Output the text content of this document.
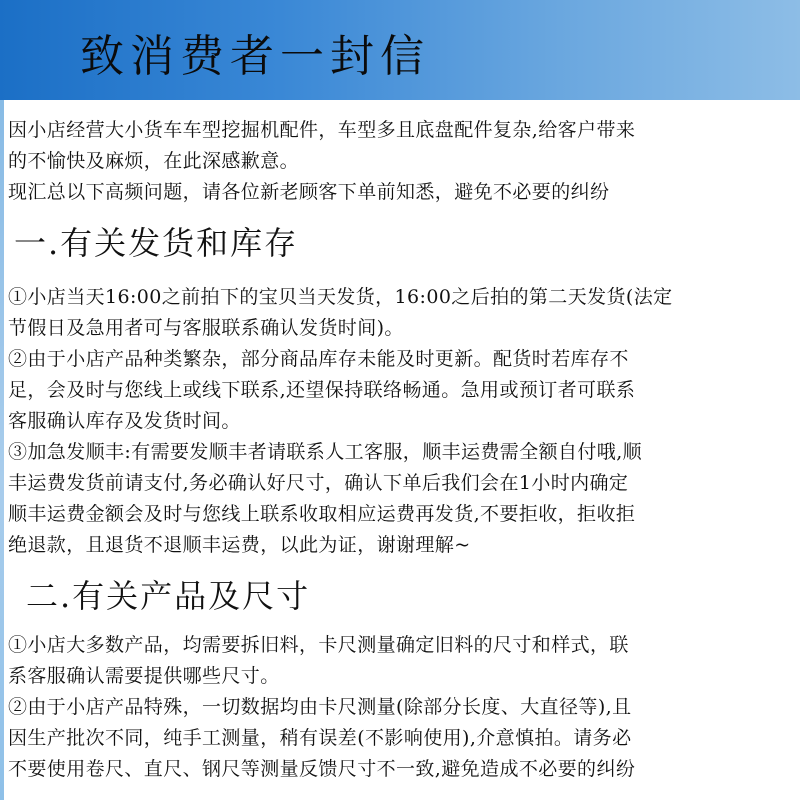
致消费者一封信
因小店经营大小货车车型挖掘机配件，车型多且底盘配件复杂,给客户带来
的不愉快及麻烦，在此深感歉意。
现汇总以下高频问题，请各位新老顾客下单前知悉，避免不必要的纠纷
一.有关发货和库存
①小店当天16:00之前拍下的宝贝当天发货，16:00之后拍的第二天发货(法定
节假日及急用者可与客服联系确认发货时间)。
②由于小店产品种类繁杂，部分商品库存未能及时更新。配货时若库存不
足，会及时与您线上或线下联系,还望保持联络畅通。急用或预订者可联系
客服确认库存及发货时间。
③加急发顺丰:有需要发顺丰者请联系人工客服，顺丰运费需全额自付哦,顺
丰运费发货前请支付,务必确认好尺寸，确认下单后我们会在1小时内确定
顺丰运费金额会及时与您线上联系收取相应运费再发货,不要拒收，拒收拒
绝退款，且退货不退顺丰运费，以此为证，谢谢理解~
二.有关产品及尺寸
①小店大多数产品，均需要拆旧料，卡尺测量确定旧料的尺寸和样式，联
系客服确认需要提供哪些尺寸。
②由于小店产品特殊，一切数据均由卡尺测量(除部分长度、大直径等),且
因生产批次不同，纯手工测量，稍有误差(不影响使用),介意慎拍。请务必
不要使用卷尺、直尺、钢尺等测量反馈尺寸不一致,避免造成不必要的纠纷
